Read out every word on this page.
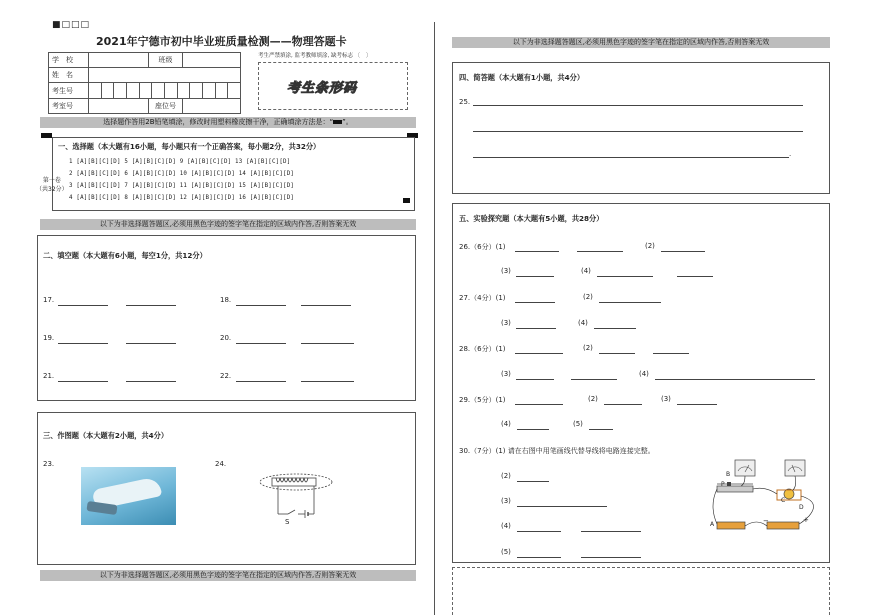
■□□□
2021年宁德市初中毕业班质量检测——物理答题卡
学　校		班级	
姓　名			
考生号			

考室号		座位号	
考生严禁填涂, 监考教师填涂, 缺考标志 〔　〕
考生条形码
选择题作答用2B铅笔填涂，修改时用塑料橡皮擦干净，正确填涂方法是：“ ”。
一、选择题（本大题有16小题，每小题只有一个正确答案，每小题2分，共32分）
1 [A][B][C][D] 5 [A][B][C][D] 9 [A][B][C][D] 13 [A][B][C][D]
2 [A][B][C][D] 6 [A][B][C][D] 10 [A][B][C][D] 14 [A][B][C][D]
3 [A][B][C][D] 7 [A][B][C][D] 11 [A][B][C][D] 15 [A][B][C][D]
4 [A][B][C][D] 8 [A][B][C][D] 12 [A][B][C][D] 16 [A][B][C][D]
第一卷
（共32分）
以下为非选择题答题区,必须用黑色字迹的签字笔在指定的区域内作答,否则答案无效
二、填空题（本大题有6小题，每空1分，共12分）
17.	18.
19.	20.
21.	22.
三、作图题（本大题有2小题，共4分）
23.	24.
S
以下为非选择题答题区,必须用黑色字迹的签字笔在指定的区域内作答,否则答案无效
以下为非选择题答题区,必须用黑色字迹的签字笔在指定的区域内作答,否则答案无效
四、简答题（本大题有1小题，共4分）
25.
.
五、实验探究题（本大题有5小题，共28分）
26.（6分）(1)	(2)
(3)	(4)
27.（4分）(1)	(2)
(3)	(4)
28.（6分）(1)	(2)
(3)	(4)
29.（5分）(1)	(2)	(3)
(4)	(5)
30.（7分）(1) 请在右图中用笔画线代替导线将电路连接完整。
(2)
(3)
(4)
(5)
B
A
P
C
D
−	+
